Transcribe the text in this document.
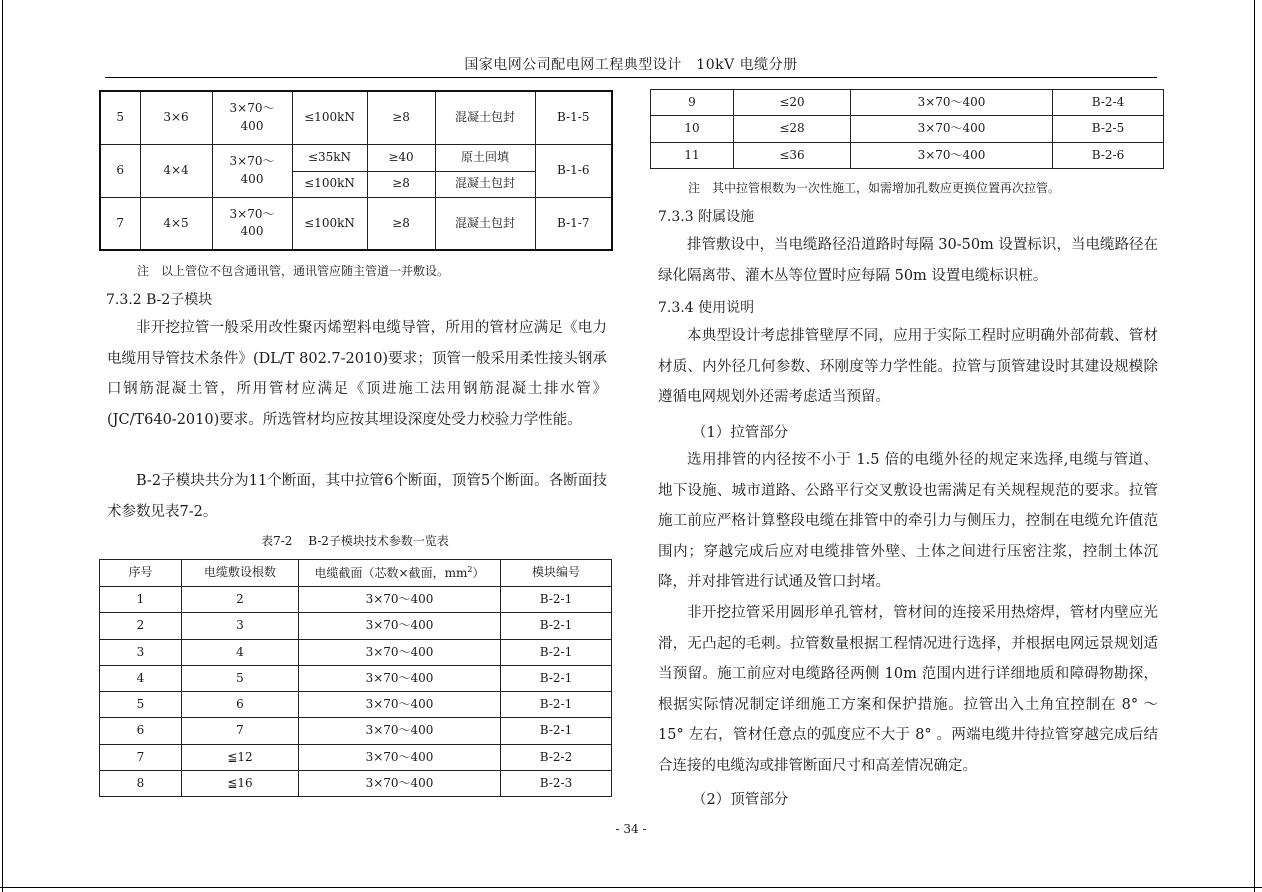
国家电网公司配电网工程典型设计　10kV 电缆分册
5	3×6	3×70～400	≤100kN	≥8	混凝土包封	B-1-5
6	4×4	3×70～400	≤35kN	≥40	原土回填	B-1-6
			≤100kN	≥8	混凝土包封	
7	4×5	3×70～400	≤100kN	≥8	混凝土包封	B-1-7
注　以上管位不包含通讯管，通讯管应随主管道一并敷设。
7.3.2 B-2子模块

非开挖拉管一般采用改性聚丙烯塑料电缆导管，所用的管材应满足《电力电缆用导管技术条件》(DL/T 802.7-2010)要求；顶管一般采用柔性接头钢承口钢筋混凝土管，所用管材应满足《顶进施工法用钢筋混凝土排水管》(JC/T640-2010)要求。所选管材均应按其埋设深度处受力校验力学性能。

B-2子模块共分为11个断面，其中拉管6个断面，顶管5个断面。各断面技术参数见表7-2。

表7-2　 B-2子模块技术参数一览表
序号	电缆敷设根数	电缆截面（芯数×截面，$mm^2$）	模块编号
1	2	3×70～400	B-2-1
2	3	3×70～400	B-2-1
3	4	3×70～400	B-2-1
4	5	3×70～400	B-2-1
5	6	3×70～400	B-2-1
6	7	3×70～400	B-2-1
7	≦12	3×70～400	B-2-2
8	≦16	3×70～400	B-2-3
9	≤20	3×70～400	B-2-4
10	≤28	3×70～400	B-2-5
11	≤36	3×70～400	B-2-6
注　其中拉管根数为一次性施工，如需增加孔数应更换位置再次拉管。
7.3.3 附属设施

排管敷设中，当电缆路径沿道路时每隔 30-50m 设置标识，当电缆路径在绿化隔离带、灌木丛等位置时应每隔 50m 设置电缆标识桩。

7.3.4 使用说明

本典型设计考虑排管壁厚不同，应用于实际工程时应明确外部荷载、管材材质、内外径几何参数、环刚度等力学性能。拉管与顶管建设时其建设规模除遵循电网规划外还需考虑适当预留。

（1）拉管部分

选用排管的内径按不小于 1.5 倍的电缆外径的规定来选择,电缆与管道、地下设施、城市道路、公路平行交叉敷设也需满足有关规程规范的要求。拉管施工前应严格计算整段电缆在排管中的牵引力与侧压力，控制在电缆允许值范围内；穿越完成后应对电缆排管外壁、土体之间进行压密注浆，控制土体沉降，并对排管进行试通及管口封堵。

非开挖拉管采用圆形单孔管材，管材间的连接采用热熔焊，管材内壁应光滑，无凸起的毛刺。拉管数量根据工程情况进行选择，并根据电网远景规划适当预留。施工前应对电缆路径两侧 10m 范围内进行详细地质和障碍物勘探，根据实际情况制定详细施工方案和保护措施。拉管出入土角宜控制在 8° ～15° 左右，管材任意点的弧度应不大于 8° 。两端电缆井待拉管穿越完成后结合连接的电缆沟或排管断面尺寸和高差情况确定。

（2）顶管部分
- 34 -
